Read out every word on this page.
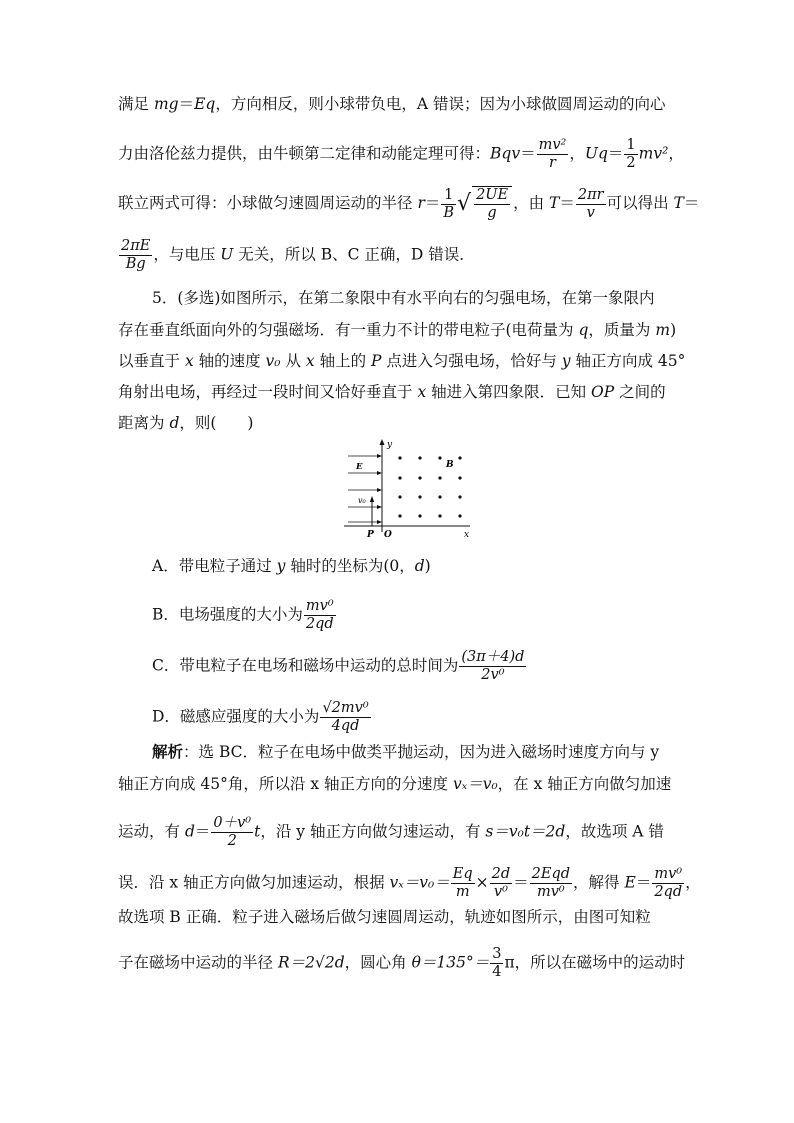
满足 mg＝Eq，方向相反，则小球带负电，A 错误；因为小球做圆周运动的向心
力由洛伦兹力提供，由牛顿第二定律和动能定理可得：$Bqv= \frac{\text{mv²}}{r}$ ，$Uq= \frac{1}{2} mv^2$，
联立两式可得：小球做匀速圆周运动的半径 $r= \frac{1}{B}$ √ $\frac{2UE}{g}$ ，由 $T= \frac{2\pi r}{v}$ 可以得出 T＝
$\frac{2\pi E}{Bg}$ ，与电压 U 无关，所以 B、C 正确，D 错误．
5．(多选)如图所示，在第二象限中有水平向右的匀强电场，在第一象限内
存在垂直纸面向外的匀强磁场．有一重力不计的带电粒子(电荷量为 q，质量为 m)
以垂直于 x 轴的速度 v₀ 从 x 轴上的 P 点进入匀强电场，恰好与 y 轴正方向成 45°
角射出电场，再经过一段时间又恰好垂直于 x 轴进入第四象限．已知 OP 之间的
距离为 d，则(　　)
y
x
E
v₀
P O
B
A．带电粒子通过 y 轴时的坐标为(0，d)
B．电场强度的大小为 $\frac{\text{mv⁰}}{2qd}$
C．带电粒子在电场和磁场中运动的总时间为 $\frac{(3\pi+4)d}{\text{2v⁰}}$
D．磁感应强度的大小为 $\frac{\text{√2mv⁰}}{4qd}$
解析：选 BC．粒子在电场中做类平抛运动，因为进入磁场时速度方向与 y
轴正方向成 45°角，所以沿 x 轴正方向的分速度 vₓ＝v₀，在 x 轴正方向做匀加速
运动，有 $d= \frac{\text{0＋v⁰}}{2}$ t，沿 y 轴正方向做匀速运动，有 s＝v₀t＝2d，故选项 A 错
误．沿 x 轴正方向做匀加速运动，根据 $v_x=v_0= \frac{Eq}{m} \times \frac{2d}{\text{v⁰}} = \frac{\text{2Eqd}}{\text{mv⁰}}$ ，解得 $E= \frac{\text{mv⁰}}{2qd}$ ，
故选项 B 正确．粒子进入磁场后做匀速圆周运动，轨迹如图所示，由图可知粒
子在磁场中运动的半径 R＝2√2d，圆心角 $\theta=135^\circ= \frac{3}{4}$ π，所以在磁场中的运动时
